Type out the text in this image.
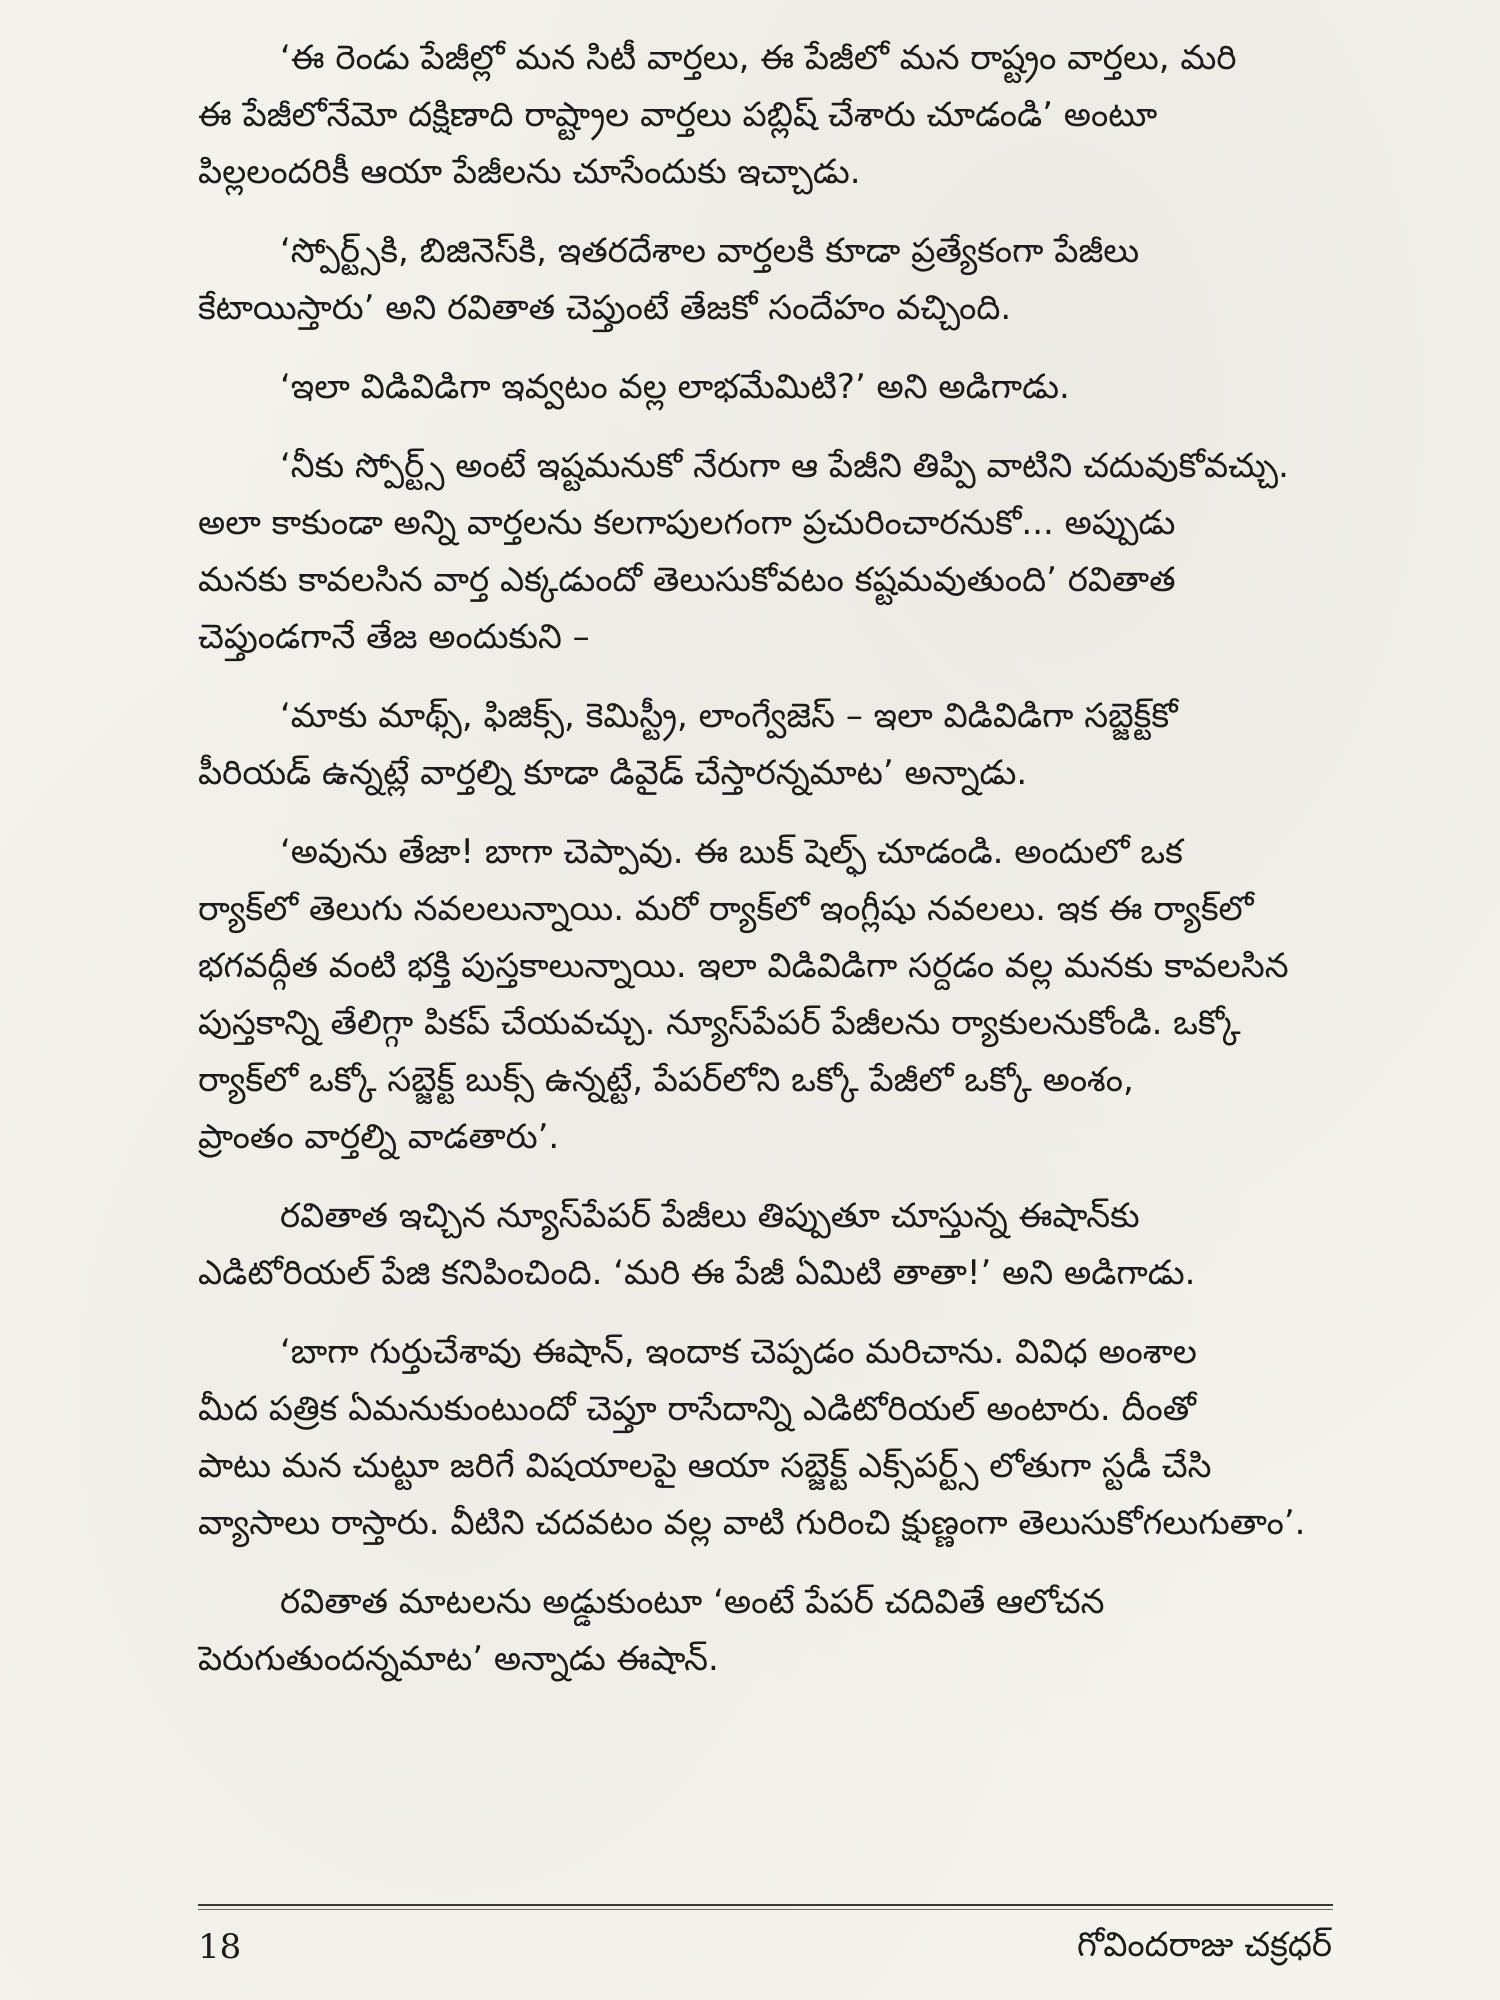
‘ఈ రెండు పేజీల్లో మన సిటీ వార్తలు, ఈ పేజీలో మన రాష్ట్రం వార్తలు, మరి
ఈ పేజీలోనేమో దక్షిణాది రాష్ట్రాల వార్తలు పబ్లిష్ చేశారు చూడండి’ అంటూ
పిల్లలందరికీ ఆయా పేజీలను చూసేందుకు ఇచ్చాడు.

‘స్పోర్ట్స్‌కి, బిజినెస్‌కి, ఇతరదేశాల వార్తలకి కూడా ప్రత్యేకంగా పేజీలు
కేటాయిస్తారు’ అని రవితాత చెప్తుంటే తేజకో సందేహం వచ్చింది.

‘ఇలా విడివిడిగా ఇవ్వటం వల్ల లాభమేమిటి?’ అని అడిగాడు.

‘నీకు స్పోర్ట్స్ అంటే ఇష్టమనుకో నేరుగా ఆ పేజీని తిప్పి వాటిని చదువుకోవచ్చు.
అలా కాకుండా అన్ని వార్తలను కలగాపులగంగా ప్రచురించారనుకో... అప్పుడు
మనకు కావలసిన వార్త ఎక్కడుందో తెలుసుకోవటం కష్టమవుతుంది’ రవితాత
చెప్తుండగానే తేజ అందుకుని –

‘మాకు మాథ్స్, ఫిజిక్స్, కెమిస్ట్రీ, లాంగ్వేజెస్ – ఇలా విడివిడిగా సబ్జెక్ట్‌కో
పీరియడ్ ఉన్నట్లే వార్తల్ని కూడా డివైడ్ చేస్తారన్నమాట’ అన్నాడు.

‘అవును తేజా! బాగా చెప్పావు. ఈ బుక్ షెల్ఫ్ చూడండి. అందులో ఒక
ర్యాక్‌లో తెలుగు నవలలున్నాయి. మరో ర్యాక్‌లో ఇంగ్లీషు నవలలు. ఇక ఈ ర్యాక్‌లో
భగవద్గీత వంటి భక్తి పుస్తకాలున్నాయి. ఇలా విడివిడిగా సర్దడం వల్ల మనకు కావలసిన
పుస్తకాన్ని తేలిగ్గా పికప్ చేయవచ్చు. న్యూస్‌పేపర్ పేజీలను ర్యాకులనుకోండి. ఒక్కో
ర్యాక్‌లో ఒక్కో సబ్జెక్ట్ బుక్స్ ఉన్నట్టే, పేపర్‌లోని ఒక్కో పేజీలో ఒక్కో అంశం,
ప్రాంతం వార్తల్ని వాడతారు’.

రవితాత ఇచ్చిన న్యూస్‌పేపర్ పేజీలు తిప్పుతూ చూస్తున్న ఈషాన్‌కు
ఎడిటోరియల్ పేజి కనిపించింది. ‘మరి ఈ పేజీ ఏమిటి తాతా!’ అని అడిగాడు.

‘బాగా గుర్తుచేశావు ఈషాన్, ఇందాక చెప్పడం మరిచాను. వివిధ అంశాల
మీద పత్రిక ఏమనుకుంటుందో చెప్తూ రాసేదాన్ని ఎడిటోరియల్ అంటారు. దీంతో
పాటు మన చుట్టూ జరిగే విషయాలపై ఆయా సబ్జెక్ట్ ఎక్స్‌పర్ట్స్ లోతుగా స్టడీ చేసి
వ్యాసాలు రాస్తారు. వీటిని చదవటం వల్ల వాటి గురించి క్షుణ్ణంగా తెలుసుకోగలుగుతాం’.

రవితాత మాటలను అడ్డుకుంటూ ‘అంటే పేపర్ చదివితే ఆలోచన
పెరుగుతుందన్నమాట’ అన్నాడు ఈషాన్.

18	గోవిందరాజు చక్రధర్
